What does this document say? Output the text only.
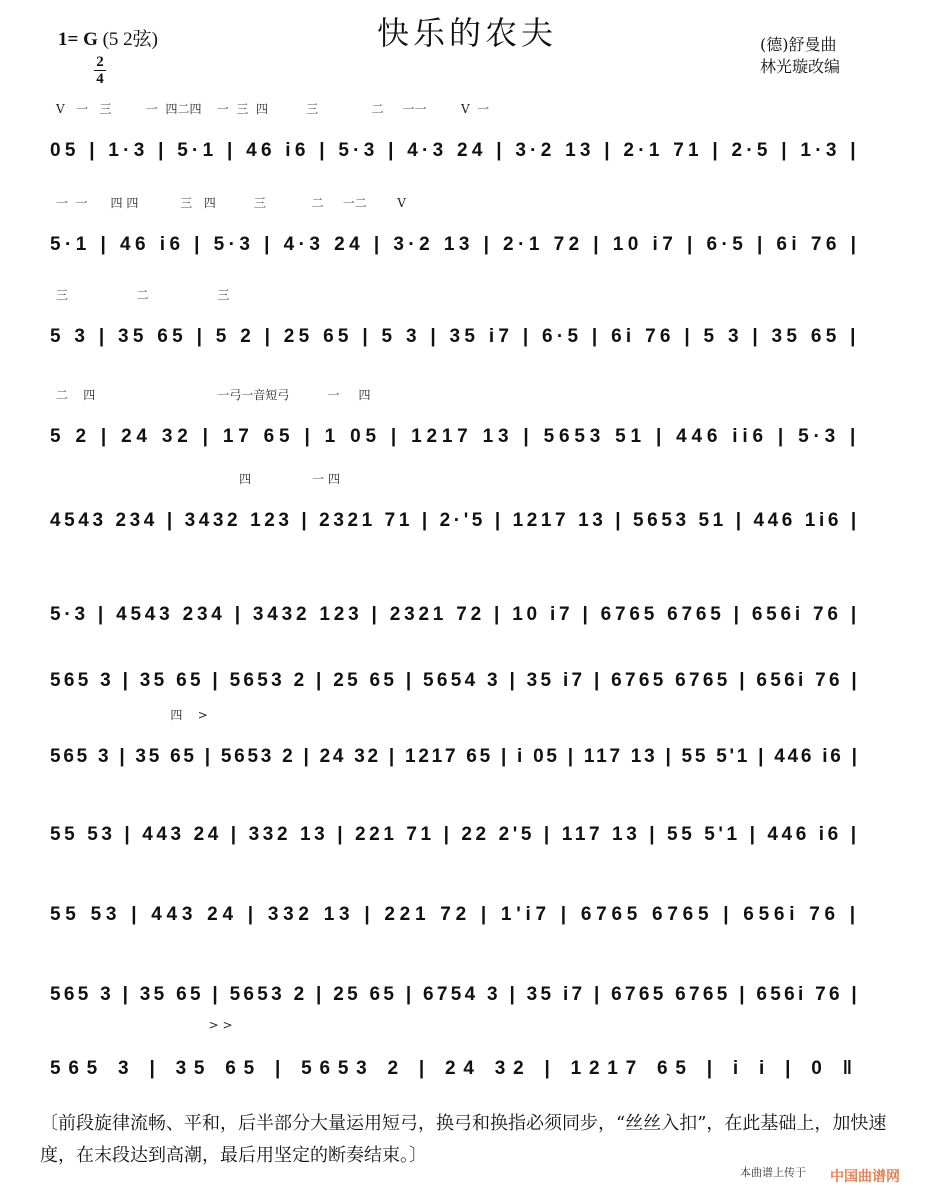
快乐的农夫
1= G (5 2弦)
2
4
(德)舒曼曲
林光璇改编
V   一   三         一  四二四    一  三  四          三              二     一一         V  一
05 | 1·3 | 5·1 | 46 i6 | 5·3 | 4·3 24 | 3·2 13 | 2·1 71 | 2·5 | 1·3 |
一  一      四 四           三   四          三            二     一二        V
5·1 | 46 i6 | 5·3 | 4·3 24 | 3·2 13 | 2·1 72 | 10 i7 | 6·5 | 6i 76 |
三                  二                  三
5 3 | 35 65 | 5 2 | 25 65 | 5 3 | 35 i7 | 6·5 | 6i 76 | 5 3 | 35 65 |
二    四                                一弓一音短弓          一     四
5 2 | 24 32 | 17 65 | 1 05 | 1217 13 | 5653 51 | 446 ii6 | 5·3 |
四                一 四
4543 234 | 3432 123 | 2321 71 | 2·'5 | 1217 13 | 5653 51 | 446 1i6 |
5·3 | 4543 234 | 3432 123 | 2321 72 | 10 i7 | 6765 6765 | 656i 76 |
565 3 | 35 65 | 5653 2 | 25 65 | 5654 3 | 35 i7 | 6765 6765 | 656i 76 |
四    >
565 3 | 35 65 | 5653 2 | 24 32 | 1217 65 | i 05 | 117 13 | 55 5'1 | 446 i6 |
55 53 | 443 24 | 332 13 | 221 71 | 22 2'5 | 117 13 | 55 5'1 | 446 i6 |
55 53 | 443 24 | 332 13 | 221 72 | 1'i7 | 6765 6765 | 656i 76 |
565 3 | 35 65 | 5653 2 | 25 65 | 6754 3 | 35 i7 | 6765 6765 | 656i 76 |
> >
565 3 | 35 65 | 5653 2 | 24 32 | 1217 65 | i i | 0 ‖
〔前段旋律流畅、平和，后半部分大量运用短弓，换弓和换指必须同步，“丝丝入扣”，在此基础上，加快速度，在末段达到高潮，最后用坚定的断奏结束。〕
本曲谱上传于 中国曲谱网
